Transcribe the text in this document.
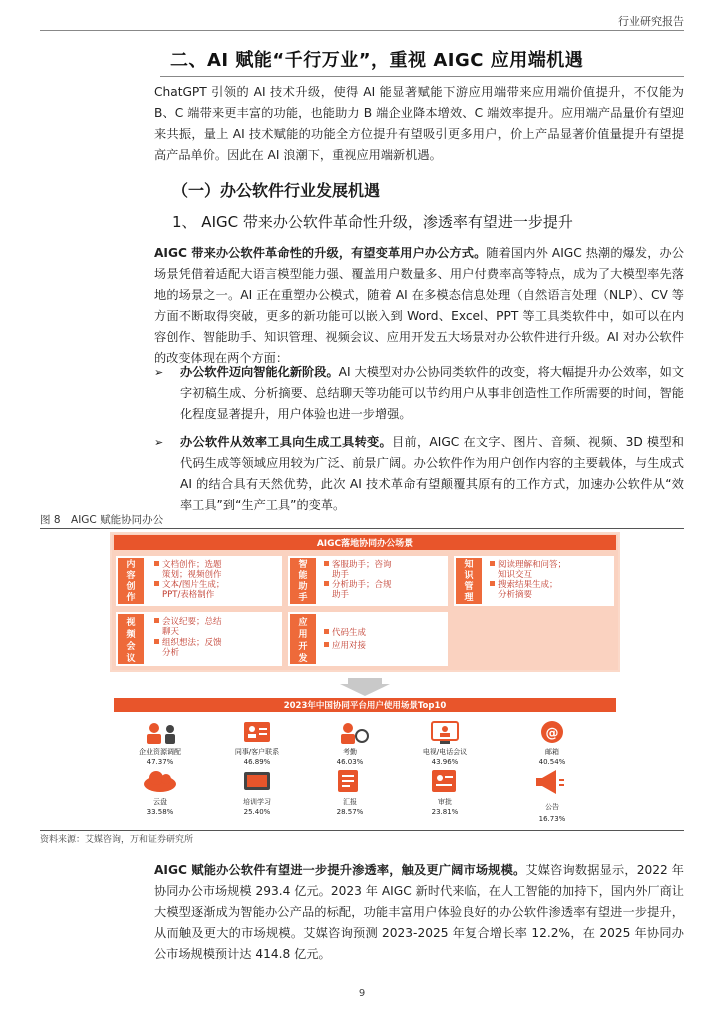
行业研究报告
二、AI 赋能“千行万业”，重视 AIGC 应用端机遇
ChatGPT 引领的 AI 技术升级，使得 AI 能显著赋能下游应用端带来应用端价值提升，不仅能为 B、C 端带来更丰富的功能，也能助力 B 端企业降本增效、C 端效率提升。应用端产品量价有望迎来共振，量上 AI 技术赋能的功能全方位提升有望吸引更多用户，价上产品显著价值量提升有望提高产品单价。因此在 AI 浪潮下，重视应用端新机遇。
（一）办公软件行业发展机遇
1、 AIGC 带来办公软件革命性升级，渗透率有望进一步提升
AIGC 带来办公软件革命性的升级，有望变革用户办公方式。随着国内外 AIGC 热潮的爆发，办公场景凭借着适配大语言模型能力强、覆盖用户数量多、用户付费率高等特点，成为了大模型率先落地的场景之一。AI 正在重塑办公模式，随着 AI 在多模态信息处理（自然语言处理（NLP）、CV 等方面不断取得突破，更多的新功能可以嵌入到 Word、Excel、PPT 等工具类软件中，如可以在内容创作、智能助手、知识管理、视频会议、应用开发五大场景对办公软件进行升级。AI 对办公软件的改变体现在两个方面：
➢ 办公软件迈向智能化新阶段。AI 大模型对办公协同类软件的改变，将大幅提升办公效率，如文字初稿生成、分析摘要、总结聊天等功能可以节约用户从事非创造性工作所需要的时间，智能化程度显著提升，用户体验也进一步增强。
➢ 办公软件从效率工具向生成工具转变。目前，AIGC 在文字、图片、音频、视频、3D 模型和代码生成等领域应用较为广泛、前景广阔。办公软件作为用户创作内容的主要载体，与生成式 AI 的结合具有天然优势，此次 AI 技术革命有望颠覆其原有的工作方式，加速办公软件从“效率工具”到“生产工具”的变革。
图 8　AIGC 赋能协同办公
AIGC落地协同办公场景
内
容
创
作
文档创作；选题
策划；视频创作
文本/图片生成；
PPT/表格制作
智
能
助
手
客服助手；咨询
助手
分析助手；合规
助手
知
识
管
理
阅读理解和问答；
知识交互
搜索结果生成；
分析摘要
视
频
会
议
会议纪要；总结
聊天
组织想法；反馈
分析
应
用
开
发
代码生成
应用对接
2023年中国协同平台用户使用场景Top10
@
企业资源调配
47.37%
同事/客户联系
46.89%
考勤
46.03%
电视/电话会议
43.96%
邮箱
40.54%
云盘
33.58%
培训学习
25.40%
汇报
28.57%
审批
23.81%
公告
16.73%
资料来源：艾媒咨询，万和证券研究所
AIGC 赋能办公软件有望进一步提升渗透率，触及更广阔市场规模。艾媒咨询数据显示，2022 年协同办公市场规模 293.4 亿元。2023 年 AIGC 新时代来临，在人工智能的加持下，国内外厂商让大模型逐渐成为智能办公产品的标配，功能丰富用户体验良好的办公软件渗透率有望进一步提升，从而触及更大的市场规模。艾媒咨询预测 2023-2025 年复合增长率 12.2%，在 2025 年协同办公市场规模预计达 414.8 亿元。
9
